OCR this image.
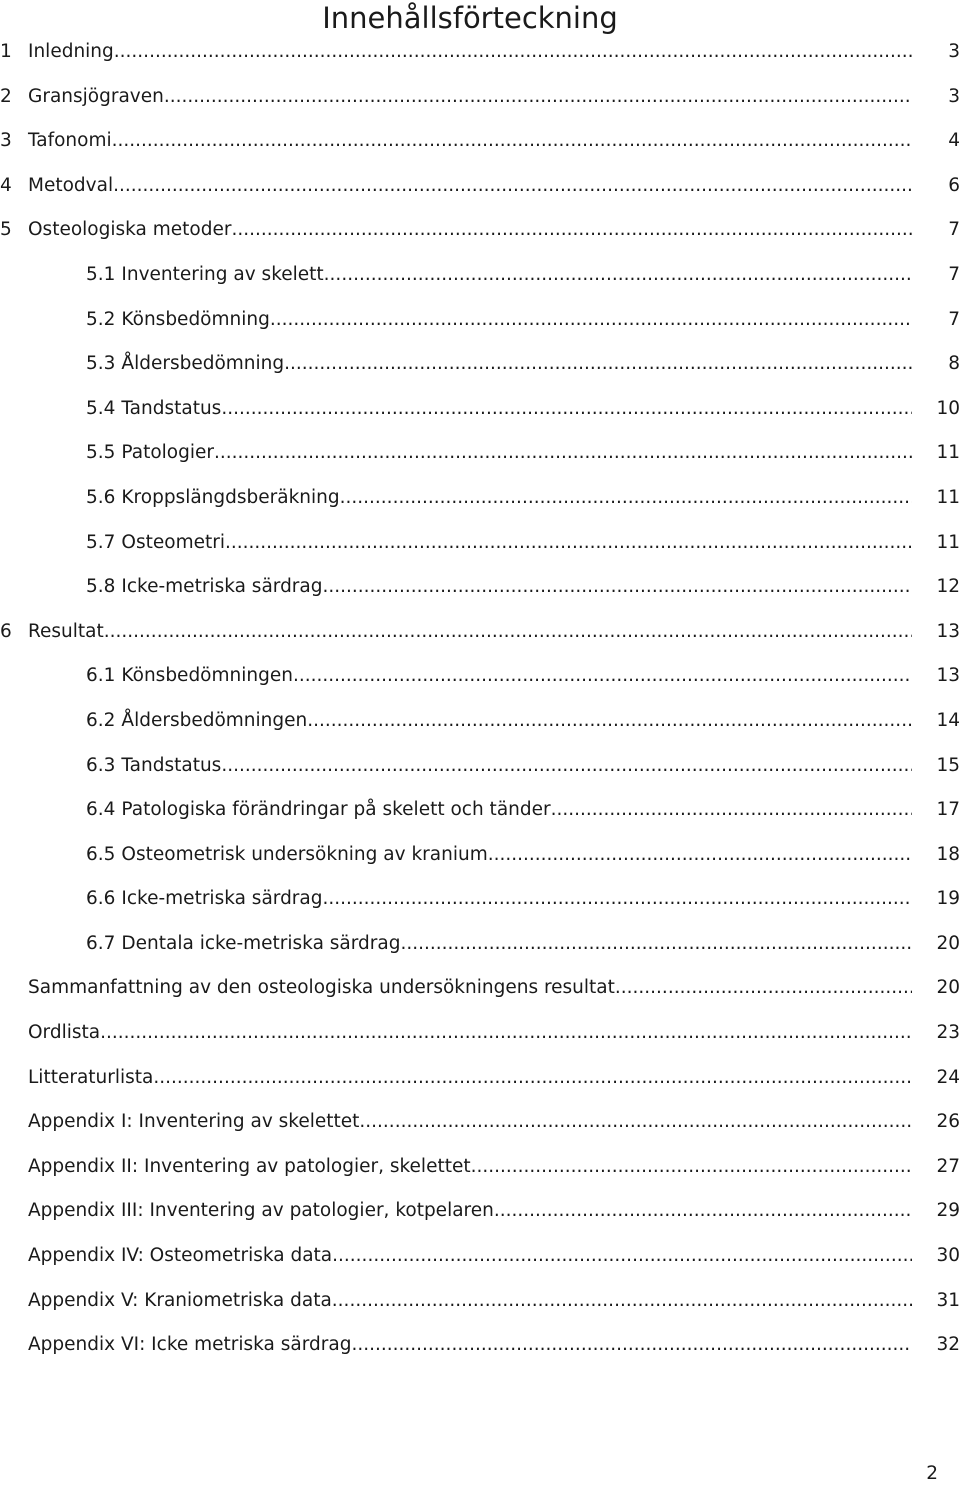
Innehållsförteckning
1 Inledning .....	3
2 Gransjögraven .....	3
3 Tafonomi .....	4
4 Metodval .....	6
5 Osteologiska metoder .....	7
5.1 Inventering av skelett .....	7
5.2 Könsbedömning .....	7
5.3 Åldersbedömning .....	8
5.4 Tandstatus .....	10
5.5 Patologier .....	11
5.6 Kroppslängdsberäkning .....	11
5.7 Osteometri .....	11
5.8 Icke-metriska särdrag .....	12
6 Resultat .....	13
6.1 Könsbedömningen .....	13
6.2 Åldersbedömningen .....	14
6.3 Tandstatus .....	15
6.4 Patologiska förändringar på skelett och tänder .....	17
6.5 Osteometrisk undersökning av kranium .....	18
6.6 Icke-metriska särdrag .....	19
6.7 Dentala icke-metriska särdrag .....	20
Sammanfattning av den osteologiska undersökningens resultat .....	20
Ordlista .....	23
Litteraturlista .....	24
Appendix I: Inventering av skelettet .....	26
Appendix II: Inventering av patologier, skelettet .....	27
Appendix III: Inventering av patologier, kotpelaren .....	29
Appendix IV: Osteometriska data .....	30
Appendix V: Kraniometriska data .....	31
Appendix VI: Icke metriska särdrag .....	32
2
